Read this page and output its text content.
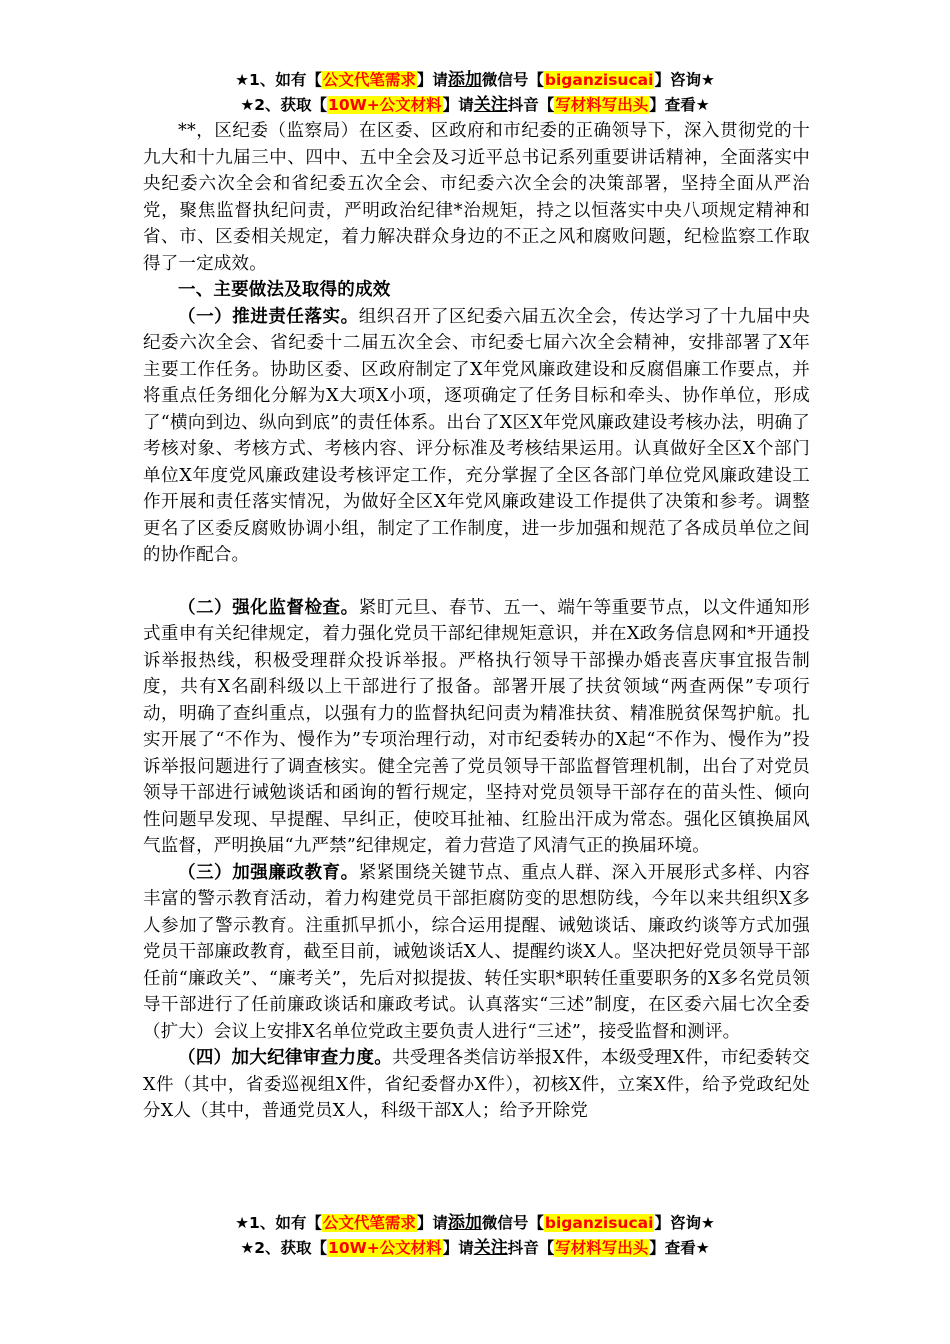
★1、如有【公文代笔需求】请添加微信号【biganzisucai】咨询★
★2、获取【10W+公文材料】请关注抖音【写材料写出头】查看★

**，区纪委（监察局）在区委、区政府和市纪委的正确领导下，深入贯彻党的十九大和十九届三中、四中、五中全会及习近平总书记系列重要讲话精神，全面落实中央纪委六次全会和省纪委五次全会、市纪委六次全会的决策部署，坚持全面从严治党，聚焦监督执纪问责，严明政治纪律*治规矩，持之以恒落实中央八项规定精神和省、市、区委相关规定，着力解决群众身边的不正之风和腐败问题，纪检监察工作取得了一定成效。

一、主要做法及取得的成效

（一）推进责任落实。组织召开了区纪委六届五次全会，传达学习了十九届中央纪委六次全会、省纪委十二届五次全会、市纪委七届六次全会精神，安排部署了X年主要工作任务。协助区委、区政府制定了X年党风廉政建设和反腐倡廉工作要点，并将重点任务细化分解为X大项X小项，逐项确定了任务目标和牵头、协作单位，形成了“横向到边、纵向到底”的责任体系。出台了X区X年党风廉政建设考核办法，明确了考核对象、考核方式、考核内容、评分标准及考核结果运用。认真做好全区X个部门单位X年度党风廉政建设考核评定工作，充分掌握了全区各部门单位党风廉政建设工作开展和责任落实情况，为做好全区X年党风廉政建设工作提供了决策和参考。调整更名了区委反腐败协调小组，制定了工作制度，进一步加强和规范了各成员单位之间的协作配合。

（二）强化监督检查。紧盯元旦、春节、五一、端午等重要节点，以文件通知形式重申有关纪律规定，着力强化党员干部纪律规矩意识，并在X政务信息网和*开通投诉举报热线，积极受理群众投诉举报。严格执行领导干部操办婚丧喜庆事宜报告制度，共有X名副科级以上干部进行了报备。部署开展了扶贫领域“两查两保”专项行动，明确了查纠重点，以强有力的监督执纪问责为精准扶贫、精准脱贫保驾护航。扎实开展了“不作为、慢作为”专项治理行动，对市纪委转办的X起“不作为、慢作为”投诉举报问题进行了调查核实。健全完善了党员领导干部监督管理机制，出台了对党员领导干部进行诫勉谈话和函询的暂行规定，坚持对党员领导干部存在的苗头性、倾向性问题早发现、早提醒、早纠正，使咬耳扯袖、红脸出汗成为常态。强化区镇换届风气监督，严明换届“九严禁”纪律规定，着力营造了风清气正的换届环境。

（三）加强廉政教育。紧紧围绕关键节点、重点人群、深入开展形式多样、内容丰富的警示教育活动，着力构建党员干部拒腐防变的思想防线，今年以来共组织X多人参加了警示教育。注重抓早抓小，综合运用提醒、诫勉谈话、廉政约谈等方式加强党员干部廉政教育，截至目前，诫勉谈话X人、提醒约谈X人。坚决把好党员领导干部任前“廉政关”、“廉考关”，先后对拟提拔、转任实职*职转任重要职务的X多名党员领导干部进行了任前廉政谈话和廉政考试。认真落实“三述”制度，在区委六届七次全委（扩大）会议上安排X名单位党政主要负责人进行“三述”，接受监督和测评。

（四）加大纪律审查力度。共受理各类信访举报X件，本级受理X件，市纪委转交X件（其中，省委巡视组X件，省纪委督办X件），初核X件，立案X件，给予党政纪处分X人（其中，普通党员X人，科级干部X人；给予开除党

★1、如有【公文代笔需求】请添加微信号【biganzisucai】咨询★
★2、获取【10W+公文材料】请关注抖音【写材料写出头】查看★
